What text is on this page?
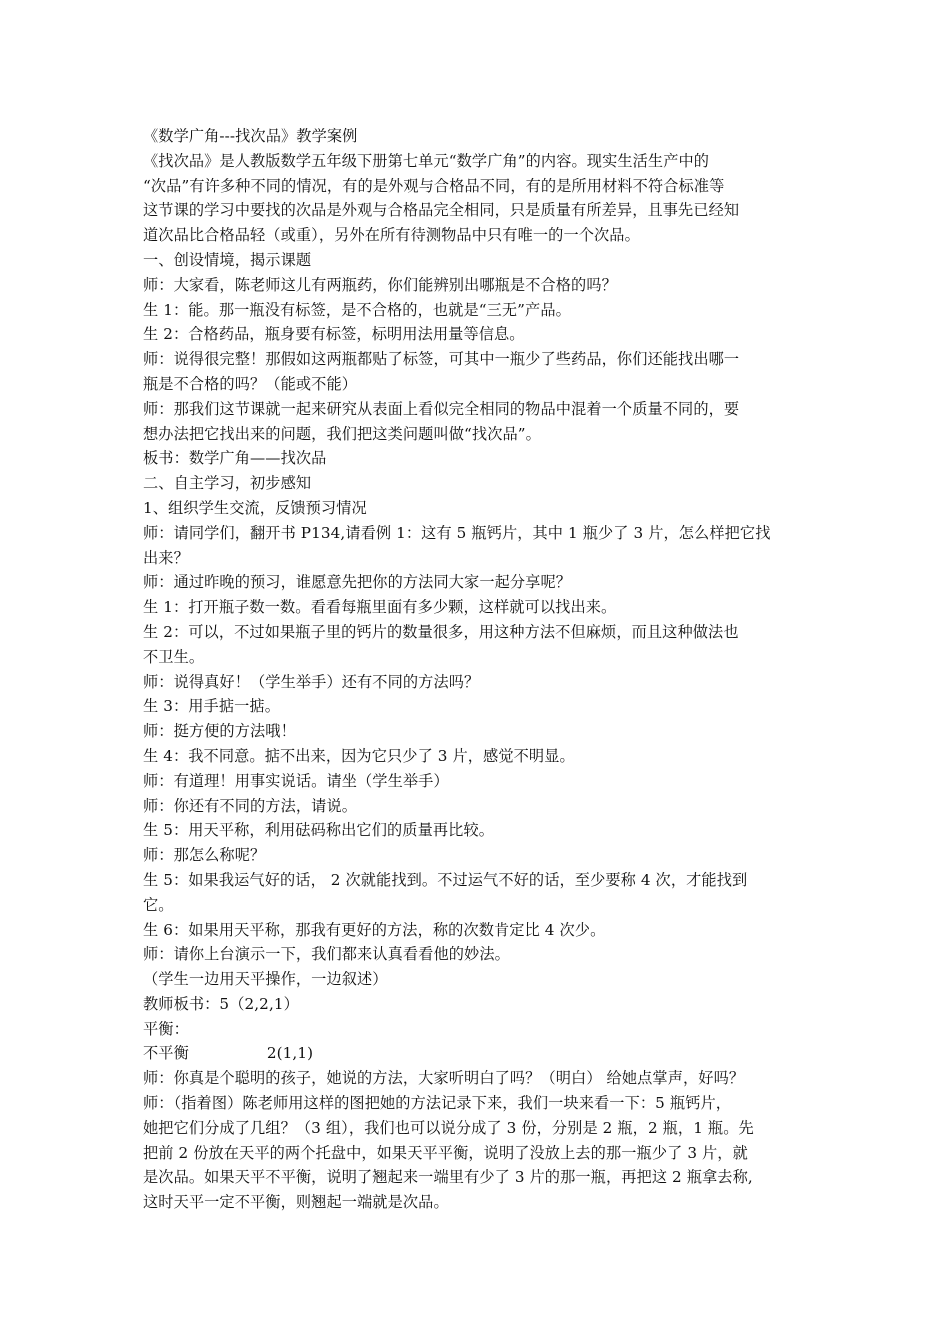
《数学广角---找次品》教学案例
《找次品》是人教版数学五年级下册第七单元“数学广角”的内容。现实生活生产中的
“次品”有许多种不同的情况，有的是外观与合格品不同，有的是所用材料不符合标准等
这节课的学习中要找的次品是外观与合格品完全相同，只是质量有所差异，且事先已经知
道次品比合格品轻（或重），另外在所有待测物品中只有唯一的一个次品。
一、创设情境，揭示课题
师：大家看，陈老师这儿有两瓶药，你们能辨别出哪瓶是不合格的吗？
生 1：能。那一瓶没有标签，是不合格的，也就是“三无”产品。
生 2：合格药品，瓶身要有标签，标明用法用量等信息。
师：说得很完整！那假如这两瓶都贴了标签，可其中一瓶少了些药品，你们还能找出哪一
瓶是不合格的吗？（能或不能）
师：那我们这节课就一起来研究从表面上看似完全相同的物品中混着一个质量不同的，要
想办法把它找出来的问题，我们把这类问题叫做“找次品”。
板书：数学广角——找次品
二、自主学习，初步感知
1、组织学生交流，反馈预习情况
师：请同学们，翻开书 P134,请看例 1：这有 5 瓶钙片，其中 1 瓶少了 3 片，怎么样把它找
出来？
师：通过昨晚的预习，谁愿意先把你的方法同大家一起分享呢？
生 1：打开瓶子数一数。看看每瓶里面有多少颗，这样就可以找出来。
生 2：可以，不过如果瓶子里的钙片的数量很多，用这种方法不但麻烦，而且这种做法也
不卫生。
师：说得真好！（学生举手）还有不同的方法吗？
生 3：用手掂一掂。
师：挺方便的方法哦！
生 4：我不同意。掂不出来，因为它只少了 3 片，感觉不明显。
师：有道理！用事实说话。请坐（学生举手）
师：你还有不同的方法，请说。
生 5：用天平称，利用砝码称出它们的质量再比较。
师：那怎么称呢？
生 5：如果我运气好的话， 2 次就能找到。不过运气不好的话，至少要称 4 次，才能找到
它。
生 6：如果用天平称，那我有更好的方法，称的次数肯定比 4 次少。
师：请你上台演示一下，我们都来认真看看他的妙法。
（学生一边用天平操作，一边叙述）
教师板书：5（2,2,1）
平衡：
不平衡	2(1,1)
师：你真是个聪明的孩子，她说的方法，大家听明白了吗？（明白） 给她点掌声，好吗？
师：（指着图）陈老师用这样的图把她的方法记录下来，我们一块来看一下：5 瓶钙片，
她把它们分成了几组？（3 组），我们也可以说分成了 3 份，分别是 2 瓶，2 瓶，1 瓶。先
把前 2 份放在天平的两个托盘中，如果天平平衡，说明了没放上去的那一瓶少了 3 片，就
是次品。如果天平不平衡，说明了翘起来一端里有少了 3 片的那一瓶，再把这 2 瓶拿去称,
这时天平一定不平衡，则翘起一端就是次品。
